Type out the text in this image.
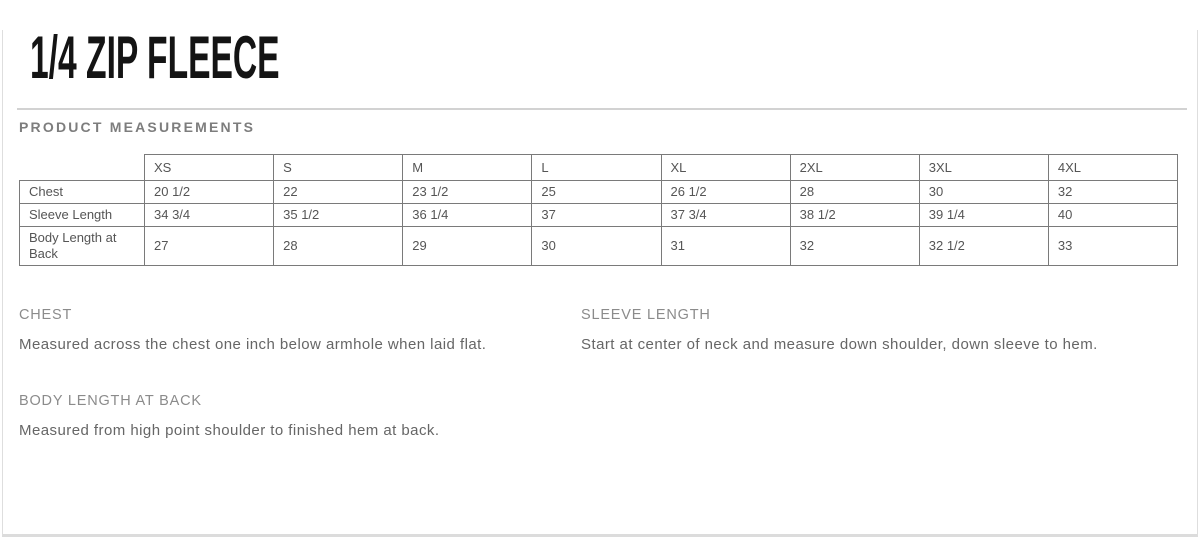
1/4 ZIP FLEECE
PRODUCT MEASUREMENTS
	XS	S	M	L	XL	2XL	3XL	4XL
Chest	20 1/2	22	23 1/2	25	26 1/2	28	30	32
Sleeve Length	34 3/4	35 1/2	36 1/4	37	37 3/4	38 1/2	39 1/4	40
Body Length at Back	27	28	29	30	31	32	32 1/2	33
CHEST

Measured across the chest one inch below armhole when laid flat.

SLEEVE LENGTH

Start at center of neck and measure down shoulder, down sleeve to hem.

BODY LENGTH AT BACK

Measured from high point shoulder to finished hem at back.
